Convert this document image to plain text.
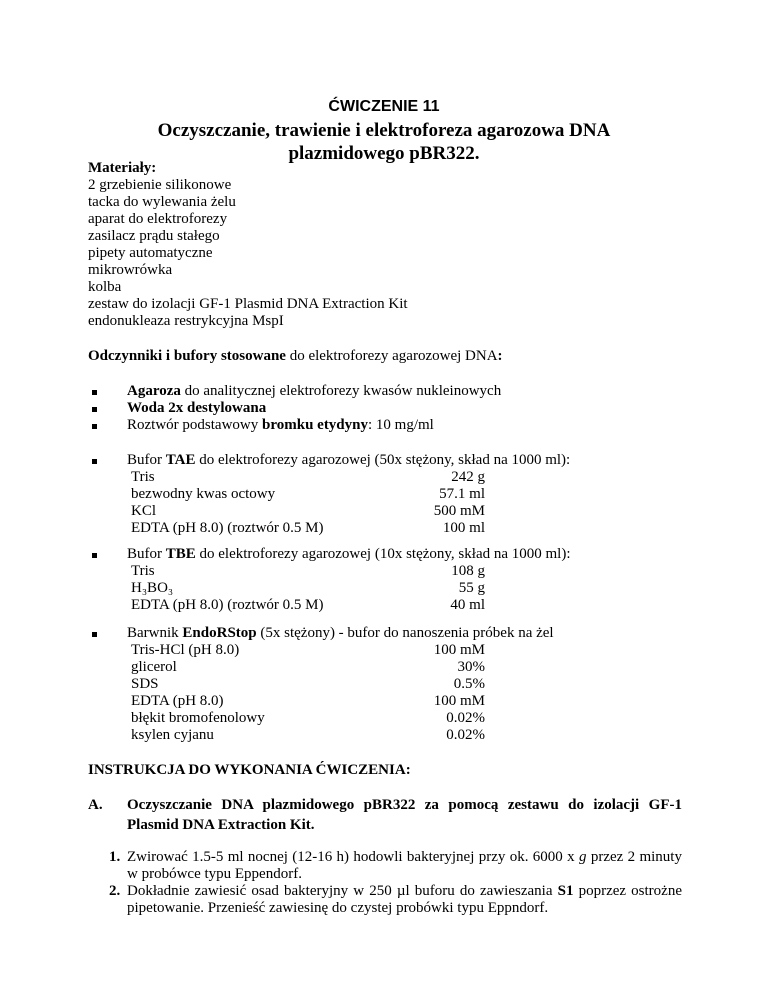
ĆWICZENIE 11
Oczyszczanie, trawienie i elektroforeza agarozowa DNA plazmidowego pBR322.
Materiały:
2 grzebienie silikonowe
tacka do wylewania żelu
aparat do elektroforezy
zasilacz prądu stałego
pipety automatyczne
mikrowrówka
kolba
zestaw do izolacji GF-1 Plasmid DNA Extraction Kit
endonukleaza restrykcyjna MspI
Odczynniki i bufory stosowane do elektroforezy agarozowej DNA:
Agaroza do analitycznej elektroforezy kwasów nukleinowych
Woda 2x destylowana
Roztwór podstawowy bromku etydyny: 10 mg/ml
Bufor TAE do elektroforezy agarozowej (50x stężony, skład na 1000 ml):
Tris	242 g
bezwodny kwas octowy	57.1 ml
KCl	500 mM
EDTA (pH 8.0) (roztwór 0.5 M)	100 ml
Bufor TBE do elektroforezy agarozowej (10x stężony, skład na 1000 ml):
Tris	108 g
H₃BO₃	55 g
EDTA (pH 8.0) (roztwór 0.5 M)	40 ml
Barwnik EndoRStop (5x stężony) - bufor do nanoszenia próbek na żel
Tris-HCl (pH 8.0)	100 mM
glicerol	30%
SDS	0.5%
EDTA (pH 8.0)	100 mM
błękit bromofenolowy	0.02%
ksylen cyjanu	0.02%
INSTRUKCJA DO WYKONANIA ĆWICZENIA:
A. Oczyszczanie DNA plazmidowego pBR322 za pomocą zestawu do izolacji GF-1 Plasmid DNA Extraction Kit.
1. Zwirować 1.5-5 ml nocnej (12-16 h) hodowli bakteryjnej przy ok. 6000 x g przez 2 minuty w probówce typu Eppendorf.
2. Dokładnie zawiesić osad bakteryjny w 250 µl buforu do zawieszania S1 poprzez ostrożne pipetowanie. Przenieść zawiesinę do czystej probówki typu Eppndorf.
